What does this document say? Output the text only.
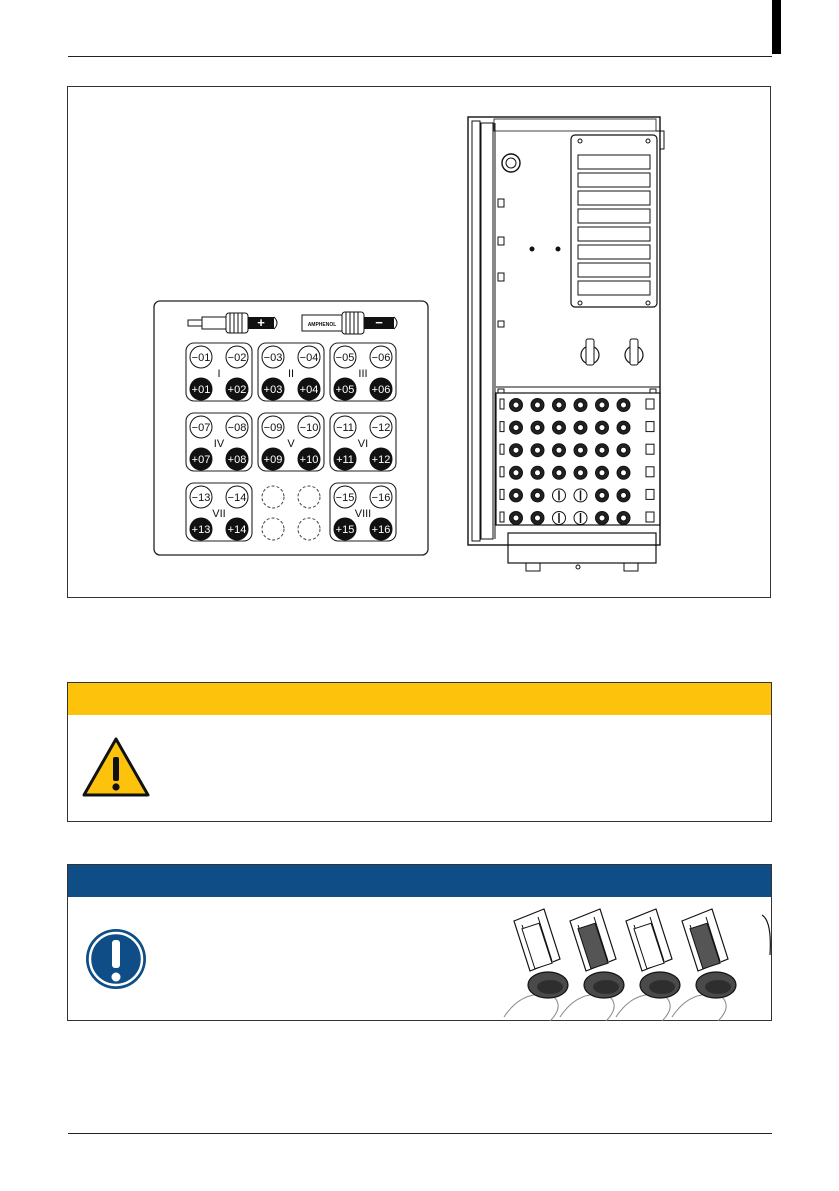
+	AMPHENOL	−
−01 −02
+01 +02
I
−03 −04
+03 +04
II
−05 −06
+05 +06
III
−07 −08
+07 +08
IV
−09 −10
+09 +10
V
−11 −12
+11 +12
VI
−13 −14
+13 +14
VII
−15 −16
+15 +16
VIII
